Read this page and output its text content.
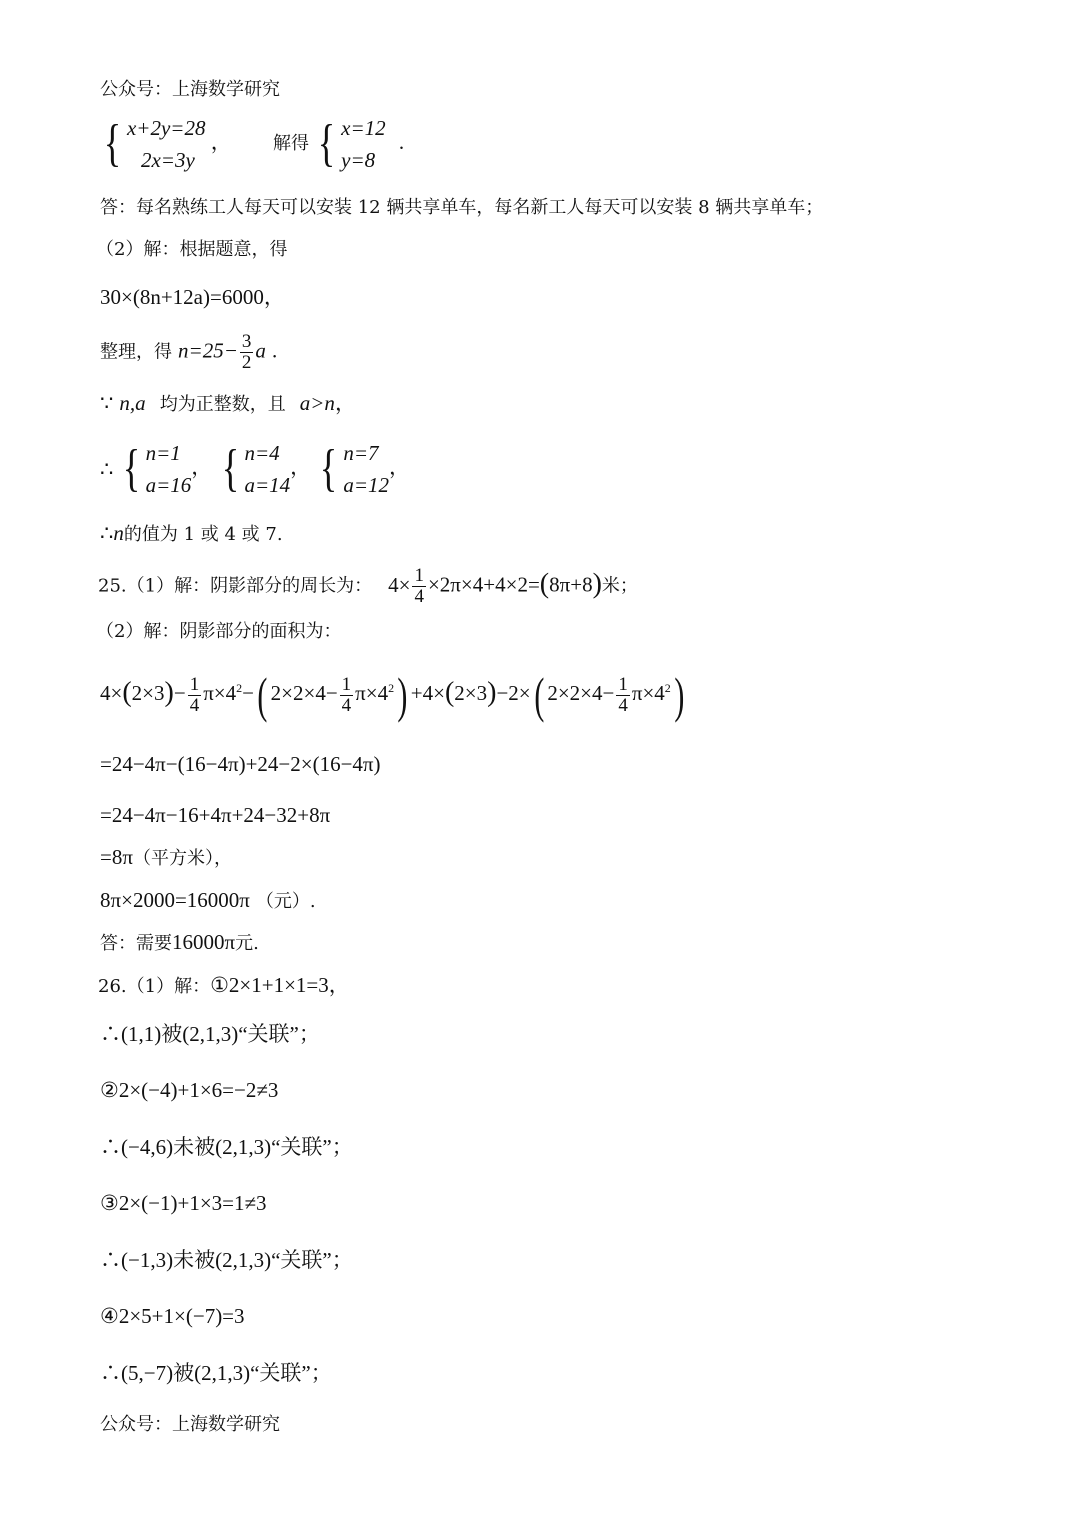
公众号：上海数学研究
{ x+2y=28
2x=3y
， 解得 { x=12
y=8
.
答：每名熟练工人每天可以安装 12 辆共享单车，每名新工人每天可以安装 8 辆共享单车；
（2）解：根据题意，得
30×(8n+12a)=6000，
整理，得 $n=25- \frac{3}{2}$ a .
∵ n,a 均为正整数，且 a>n，
∴ { n=1
a=16
， { n=4
a=14
， { n=7
a=12
，
∴n的值为 1 或 4 或 7.
25.（1）解：阴影部分的周长为： $4\times \frac{1}{4} \times 2\pi\times 4+4\times 2=(8\pi+8)$米；
（2）解：阴影部分的面积为：
$4\times(2\times 3)- \frac{1}{4} \pi\times 4^2-$( $2\times 2\times 4- \frac{1}{4} \pi\times 4^2) +4\times(2\times 3)-2\times$( $2\times 2\times 4- \frac{1}{4} \pi\times 4^2$)
=24−4π−(16−4π)+24−2×(16−4π)
=24−4π−16+4π+24−32+8π
=8π（平方米），
8π×2000=16000π （元）.
答：需要16000π元.
26.（1）解：①2×1+1×1=3，
∴(1,1)被(2,1,3)“关联”；
②2×(−4)+1×6=−2≠3
∴(−4,6)未被(2,1,3)“关联”；
③2×(−1)+1×3=1≠3
∴(−1,3)未被(2,1,3)“关联”；
④2×5+1×(−7)=3
∴(5,−7)被(2,1,3)“关联”；
公众号：上海数学研究
